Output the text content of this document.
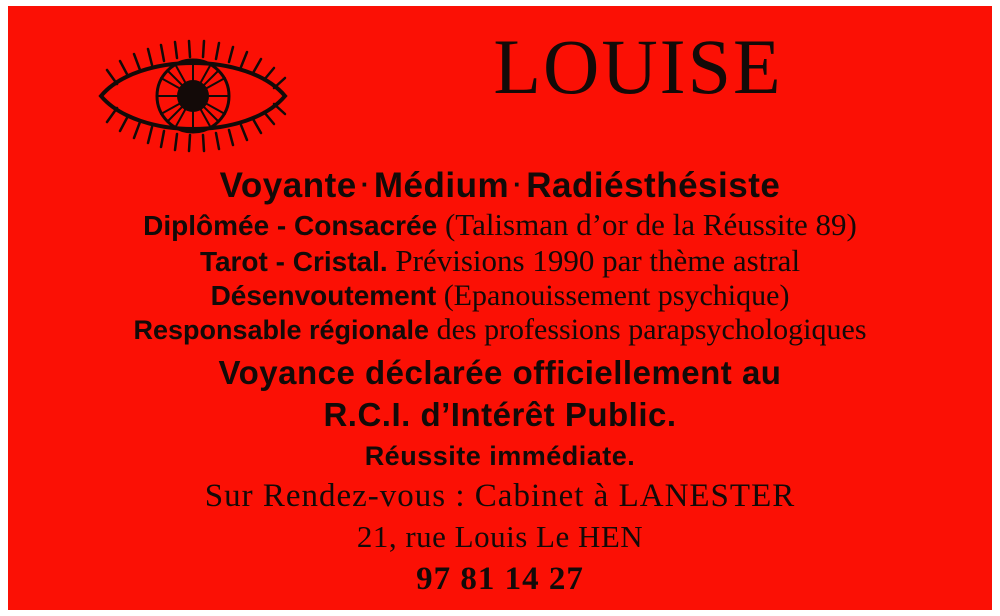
LOUISE
Voyante · Médium · Radiésthésiste
Diplômée - Consacrée (Talisman d’or de la Réussite 89)
Tarot - Cristal. Prévisions 1990 par thème astral
Désenvoutement (Epanouissement psychique)
Responsable régionale des professions parapsychologiques
Voyance déclarée officiellement au
R.C.I. d’Intérêt Public.
Réussite immédiate.
Sur Rendez-vous : Cabinet à LANESTER
21, rue Louis Le HEN
97 81 14 27
